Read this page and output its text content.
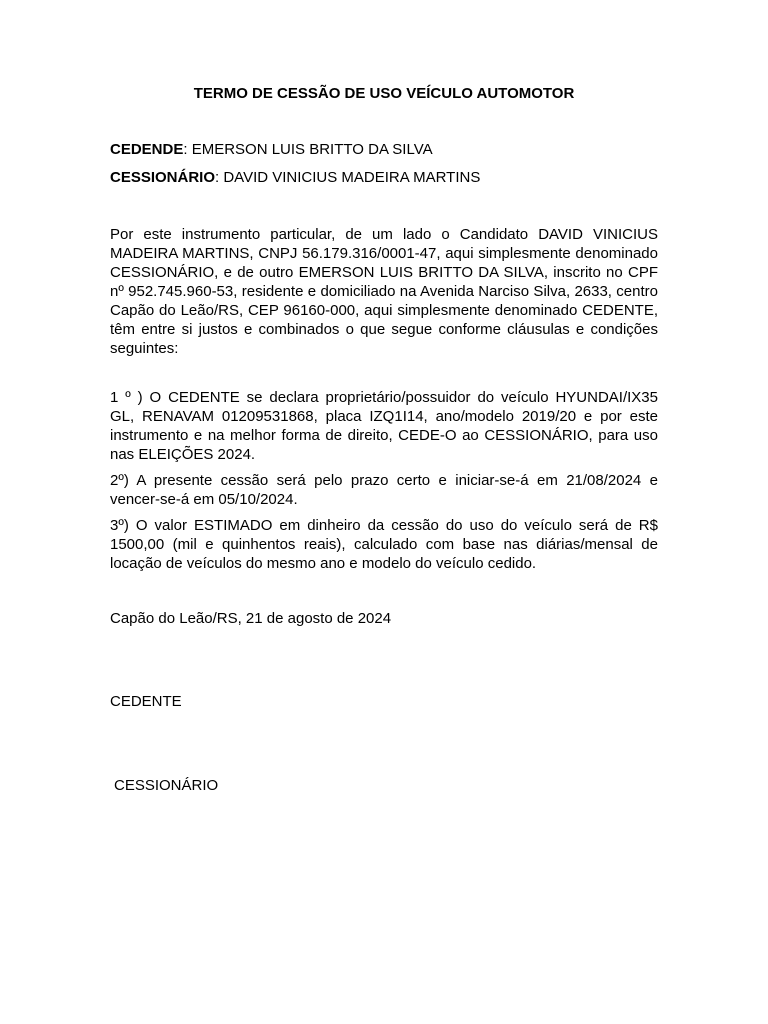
TERMO DE CESSÃO DE USO VEÍCULO AUTOMOTOR
CEDENDE: EMERSON LUIS BRITTO DA SILVA
CESSIONÁRIO: DAVID VINICIUS MADEIRA MARTINS

Por este instrumento particular, de um lado o Candidato DAVID VINICIUS MADEIRA MARTINS, CNPJ 56.179.316/0001-47, aqui simplesmente denominado CESSIONÁRIO, e de outro EMERSON LUIS BRITTO DA SILVA, inscrito no CPF nº 952.745.960-53, residente e domiciliado na Avenida Narciso Silva, 2633, centro Capão do Leão/RS, CEP 96160-000, aqui simplesmente denominado CEDENTE, têm entre si justos e combinados o que segue conforme cláusulas e condições seguintes:

1 º ) O CEDENTE se declara proprietário/possuidor do veículo HYUNDAI/IX35 GL, RENAVAM 01209531868, placa IZQ1I14, ano/modelo 2019/20 e por este instrumento e na melhor forma de direito, CEDE-O ao CESSIONÁRIO, para uso nas ELEIÇÕES 2024.

2º) A presente cessão será pelo prazo certo e iniciar-se-á em 21/08/2024 e vencer-se-á em 05/10/2024.

3º) O valor ESTIMADO em dinheiro da cessão do uso do veículo será de R$ 1500,00 (mil e quinhentos reais), calculado com base nas diárias/mensal de locação de veículos do mesmo ano e modelo do veículo cedido.

Capão do Leão/RS, 21 de agosto de 2024
CEDENTE
CESSIONÁRIO
